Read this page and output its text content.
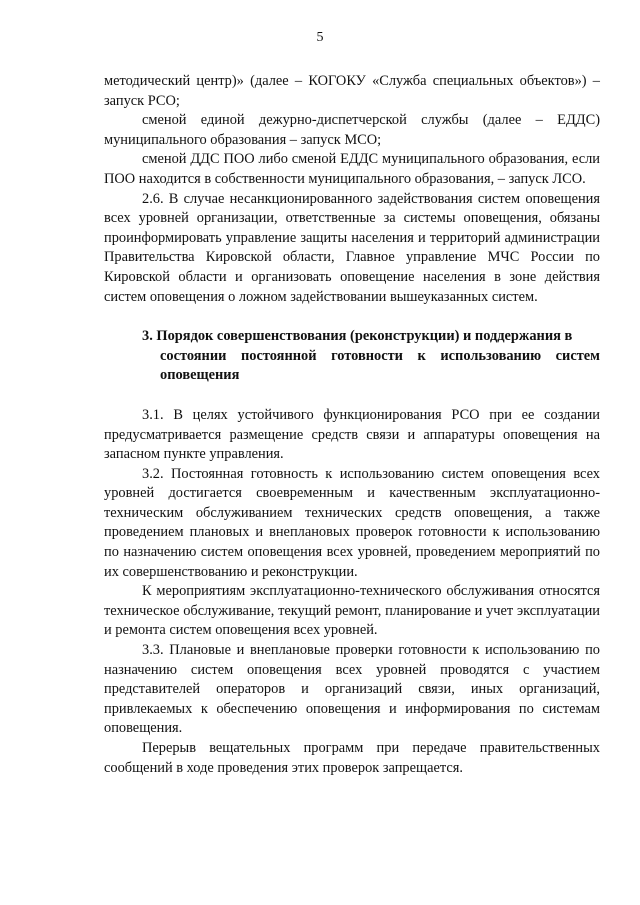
5

методический центр)» (далее – КОГОКУ «Служба специальных объектов») – запуск РСО;

сменой единой дежурно-диспетчерской службы (далее – ЕДДС) муниципального образования – запуск МСО;

сменой ДДС ПОО либо сменой ЕДДС муниципального образования, если ПОО находится в собственности муниципального образования, – запуск ЛСО.

2.6. В случае несанкционированного задействования систем оповещения всех уровней организации, ответственные за системы оповещения, обязаны проинформировать управление защиты населения и территорий администрации Правительства Кировской области, Главное управление МЧС России по Кировской области и организовать оповещение населения в зоне действия систем оповещения о ложном задействовании вышеуказанных систем.

3. Порядок совершенствования (реконструкции) и поддержания в
состоянии постоянной готовности к использованию систем оповещения

3.1. В целях устойчивого функционирования РСО при ее создании предусматривается размещение средств связи и аппаратуры оповещения на запасном пункте управления.

3.2. Постоянная готовность к использованию систем оповещения всех уровней достигается своевременным и качественным эксплуатационно-техническим обслуживанием технических средств оповещения, а также проведением плановых и внеплановых проверок готовности к использованию по назначению систем оповещения всех уровней, проведением мероприятий по их совершенствованию и реконструкции.

К мероприятиям эксплуатационно-технического обслуживания относятся техническое обслуживание, текущий ремонт, планирование и учет эксплуатации и ремонта систем оповещения всех уровней.

3.3. Плановые и внеплановые проверки готовности к использованию по назначению систем оповещения всех уровней проводятся с участием представителей операторов и организаций связи, иных организаций, привлекаемых к обеспечению оповещения и информирования по системам оповещения.

Перерыв вещательных программ при передаче правительственных сообщений в ходе проведения этих проверок запрещается.
